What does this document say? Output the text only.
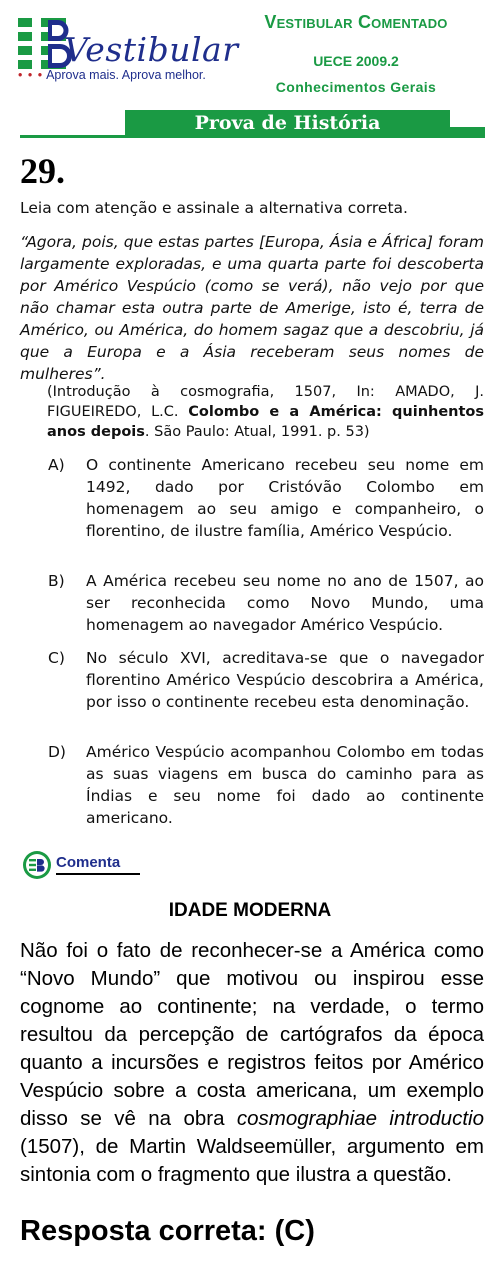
Vestibular
• • • Aprova mais. Aprova melhor.
Vestibular Comentado
UECE 2009.2
Conhecimentos Gerais
Prova de História
29.
Leia com atenção e assinale a alternativa correta.
“Agora, pois, que estas partes [Europa, Ásia e África] foram largamente exploradas, e uma quarta parte foi descoberta por Américo Vespúcio (como se verá), não vejo por que não chamar esta outra parte de Amerige, isto é, terra de Américo, ou América, do homem sagaz que a descobriu, já que a Europa e a Ásia receberam seus nomes de mulheres”.
(Introdução à cosmografia, 1507, In: AMADO, J. FIGUEIREDO, L.C. Colombo e a América: quinhentos anos depois. São Paulo: Atual, 1991. p. 53)
A)	O continente Americano recebeu seu nome em 1492, dado por Cristóvão Colombo em homenagem ao seu amigo e companheiro, o florentino, de ilustre família, Américo Vespúcio.
B)	A América recebeu seu nome no ano de 1507, ao ser reconhecida como Novo Mundo, uma homenagem ao navegador Américo Vespúcio.
C)	No século XVI, acreditava-se que o navegador florentino Américo Vespúcio descobrira a América, por isso o continente recebeu esta denominação.
D)	Américo Vespúcio acompanhou Colombo em todas as suas viagens em busca do caminho para as Índias e seu nome foi dado ao continente americano.
Comenta
IDADE MODERNA
Não foi o fato de reconhecer-se a América como “Novo Mundo” que motivou ou inspirou esse cognome ao continente; na verdade, o termo resultou da percepção de cartógrafos da época quanto a incursões e registros feitos por Américo Vespúcio sobre a costa americana, um exemplo disso se vê na obra cosmographiae introductio (1507), de Martin Waldseemüller, argumento em sintonia com o fragmento que ilustra a questão.
Resposta correta: (C)
